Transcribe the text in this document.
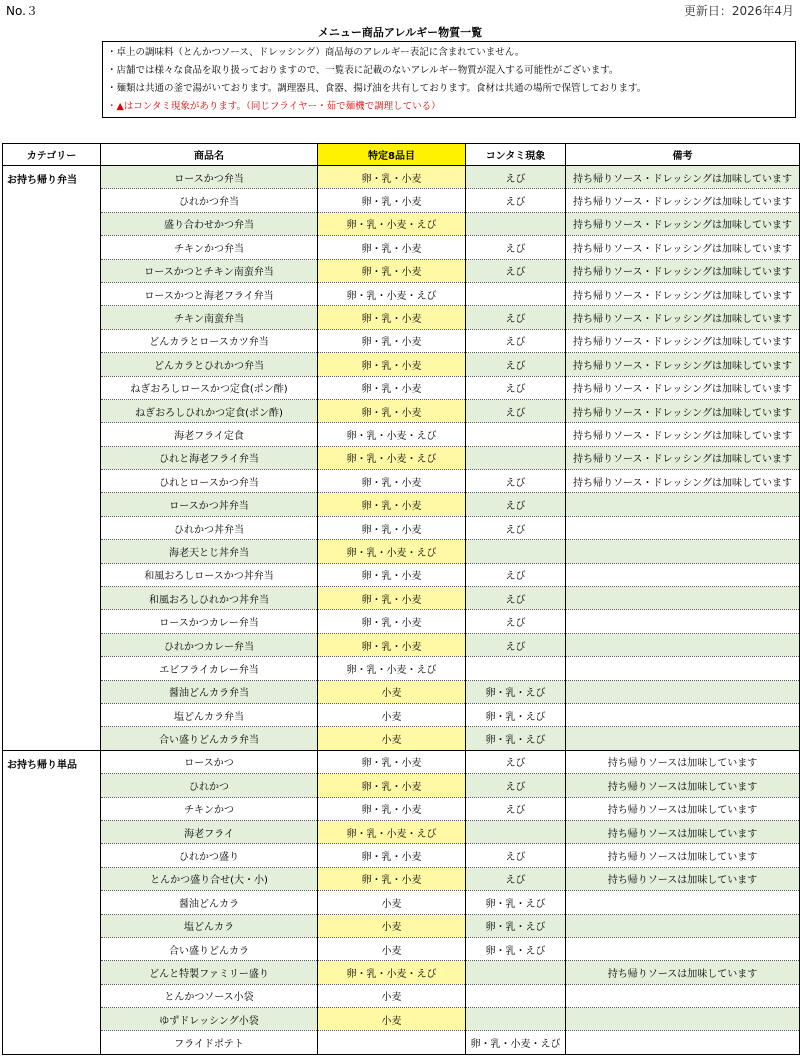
No.３	更新日：2026年4月
メニュー商品アレルギー物質一覧
・卓上の調味料（とんかつソース、ドレッシング）商品毎のアレルギー表記に含まれていません。
・店舗では様々な食品を取り扱っておりますので、一覧表に記載のないアレルギー物質が混入する可能性がございます。
・麺類は共通の釜で湯がいております。調理器具、食器、揚げ油を共有しております。食材は共通の場所で保管しております。
・▲はコンタミ現象があります。（同じフライヤー・茹で麺機で調理している）
カテゴリー	商品名	特定8品目	コンタミ現象	備考
お持ち帰り弁当	ロースかつ弁当	卵・乳・小麦	えび	持ち帰りソース・ドレッシングは加味しています
	ひれかつ弁当	卵・乳・小麦	えび	持ち帰りソース・ドレッシングは加味しています
	盛り合わせかつ弁当	卵・乳・小麦・えび		持ち帰りソース・ドレッシングは加味しています
	チキンかつ弁当	卵・乳・小麦	えび	持ち帰りソース・ドレッシングは加味しています
	ロースかつとチキン南蛮弁当	卵・乳・小麦	えび	持ち帰りソース・ドレッシングは加味しています
	ロースかつと海老フライ弁当	卵・乳・小麦・えび		持ち帰りソース・ドレッシングは加味しています
	チキン南蛮弁当	卵・乳・小麦	えび	持ち帰りソース・ドレッシングは加味しています
	どんカラとロースカツ弁当	卵・乳・小麦	えび	持ち帰りソース・ドレッシングは加味しています
	どんカラとひれかつ弁当	卵・乳・小麦	えび	持ち帰りソース・ドレッシングは加味しています
	ねぎおろしロースかつ定食(ポン酢)	卵・乳・小麦	えび	持ち帰りソース・ドレッシングは加味しています
	ねぎおろしひれかつ定食(ポン酢)	卵・乳・小麦	えび	持ち帰りソース・ドレッシングは加味しています
	海老フライ定食	卵・乳・小麦・えび		持ち帰りソース・ドレッシングは加味しています
	ひれと海老フライ弁当	卵・乳・小麦・えび		持ち帰りソース・ドレッシングは加味しています
	ひれとロースかつ弁当	卵・乳・小麦	えび	持ち帰りソース・ドレッシングは加味しています
	ロースかつ丼弁当	卵・乳・小麦	えび	
	ひれかつ丼弁当	卵・乳・小麦	えび	
	海老天とじ丼弁当	卵・乳・小麦・えび		
	和風おろしロースかつ丼弁当	卵・乳・小麦	えび	
	和風おろしひれかつ丼弁当	卵・乳・小麦	えび	
	ロースかつカレー弁当	卵・乳・小麦	えび	
	ひれかつカレー弁当	卵・乳・小麦	えび	
	エビフライカレー弁当	卵・乳・小麦・えび		
	醤油どんカラ弁当	小麦	卵・乳・えび	
	塩どんカラ弁当	小麦	卵・乳・えび	
	合い盛りどんカラ弁当	小麦	卵・乳・えび	
お持ち帰り単品	ロースかつ	卵・乳・小麦	えび	持ち帰りソースは加味しています
	ひれかつ	卵・乳・小麦	えび	持ち帰りソースは加味しています
	チキンかつ	卵・乳・小麦	えび	持ち帰りソースは加味しています
	海老フライ	卵・乳・小麦・えび		持ち帰りソースは加味しています
	ひれかつ盛り	卵・乳・小麦	えび	持ち帰りソースは加味しています
	とんかつ盛り合せ(大・小)	卵・乳・小麦	えび	持ち帰りソースは加味しています
	醤油どんカラ	小麦	卵・乳・えび	
	塩どんカラ	小麦	卵・乳・えび	
	合い盛りどんカラ	小麦	卵・乳・えび	
	どんと特製ファミリー盛り	卵・乳・小麦・えび		持ち帰りソースは加味しています
	とんかつソース小袋	小麦		
	ゆずドレッシング小袋	小麦		
	フライドポテト		卵・乳・小麦・えび	
